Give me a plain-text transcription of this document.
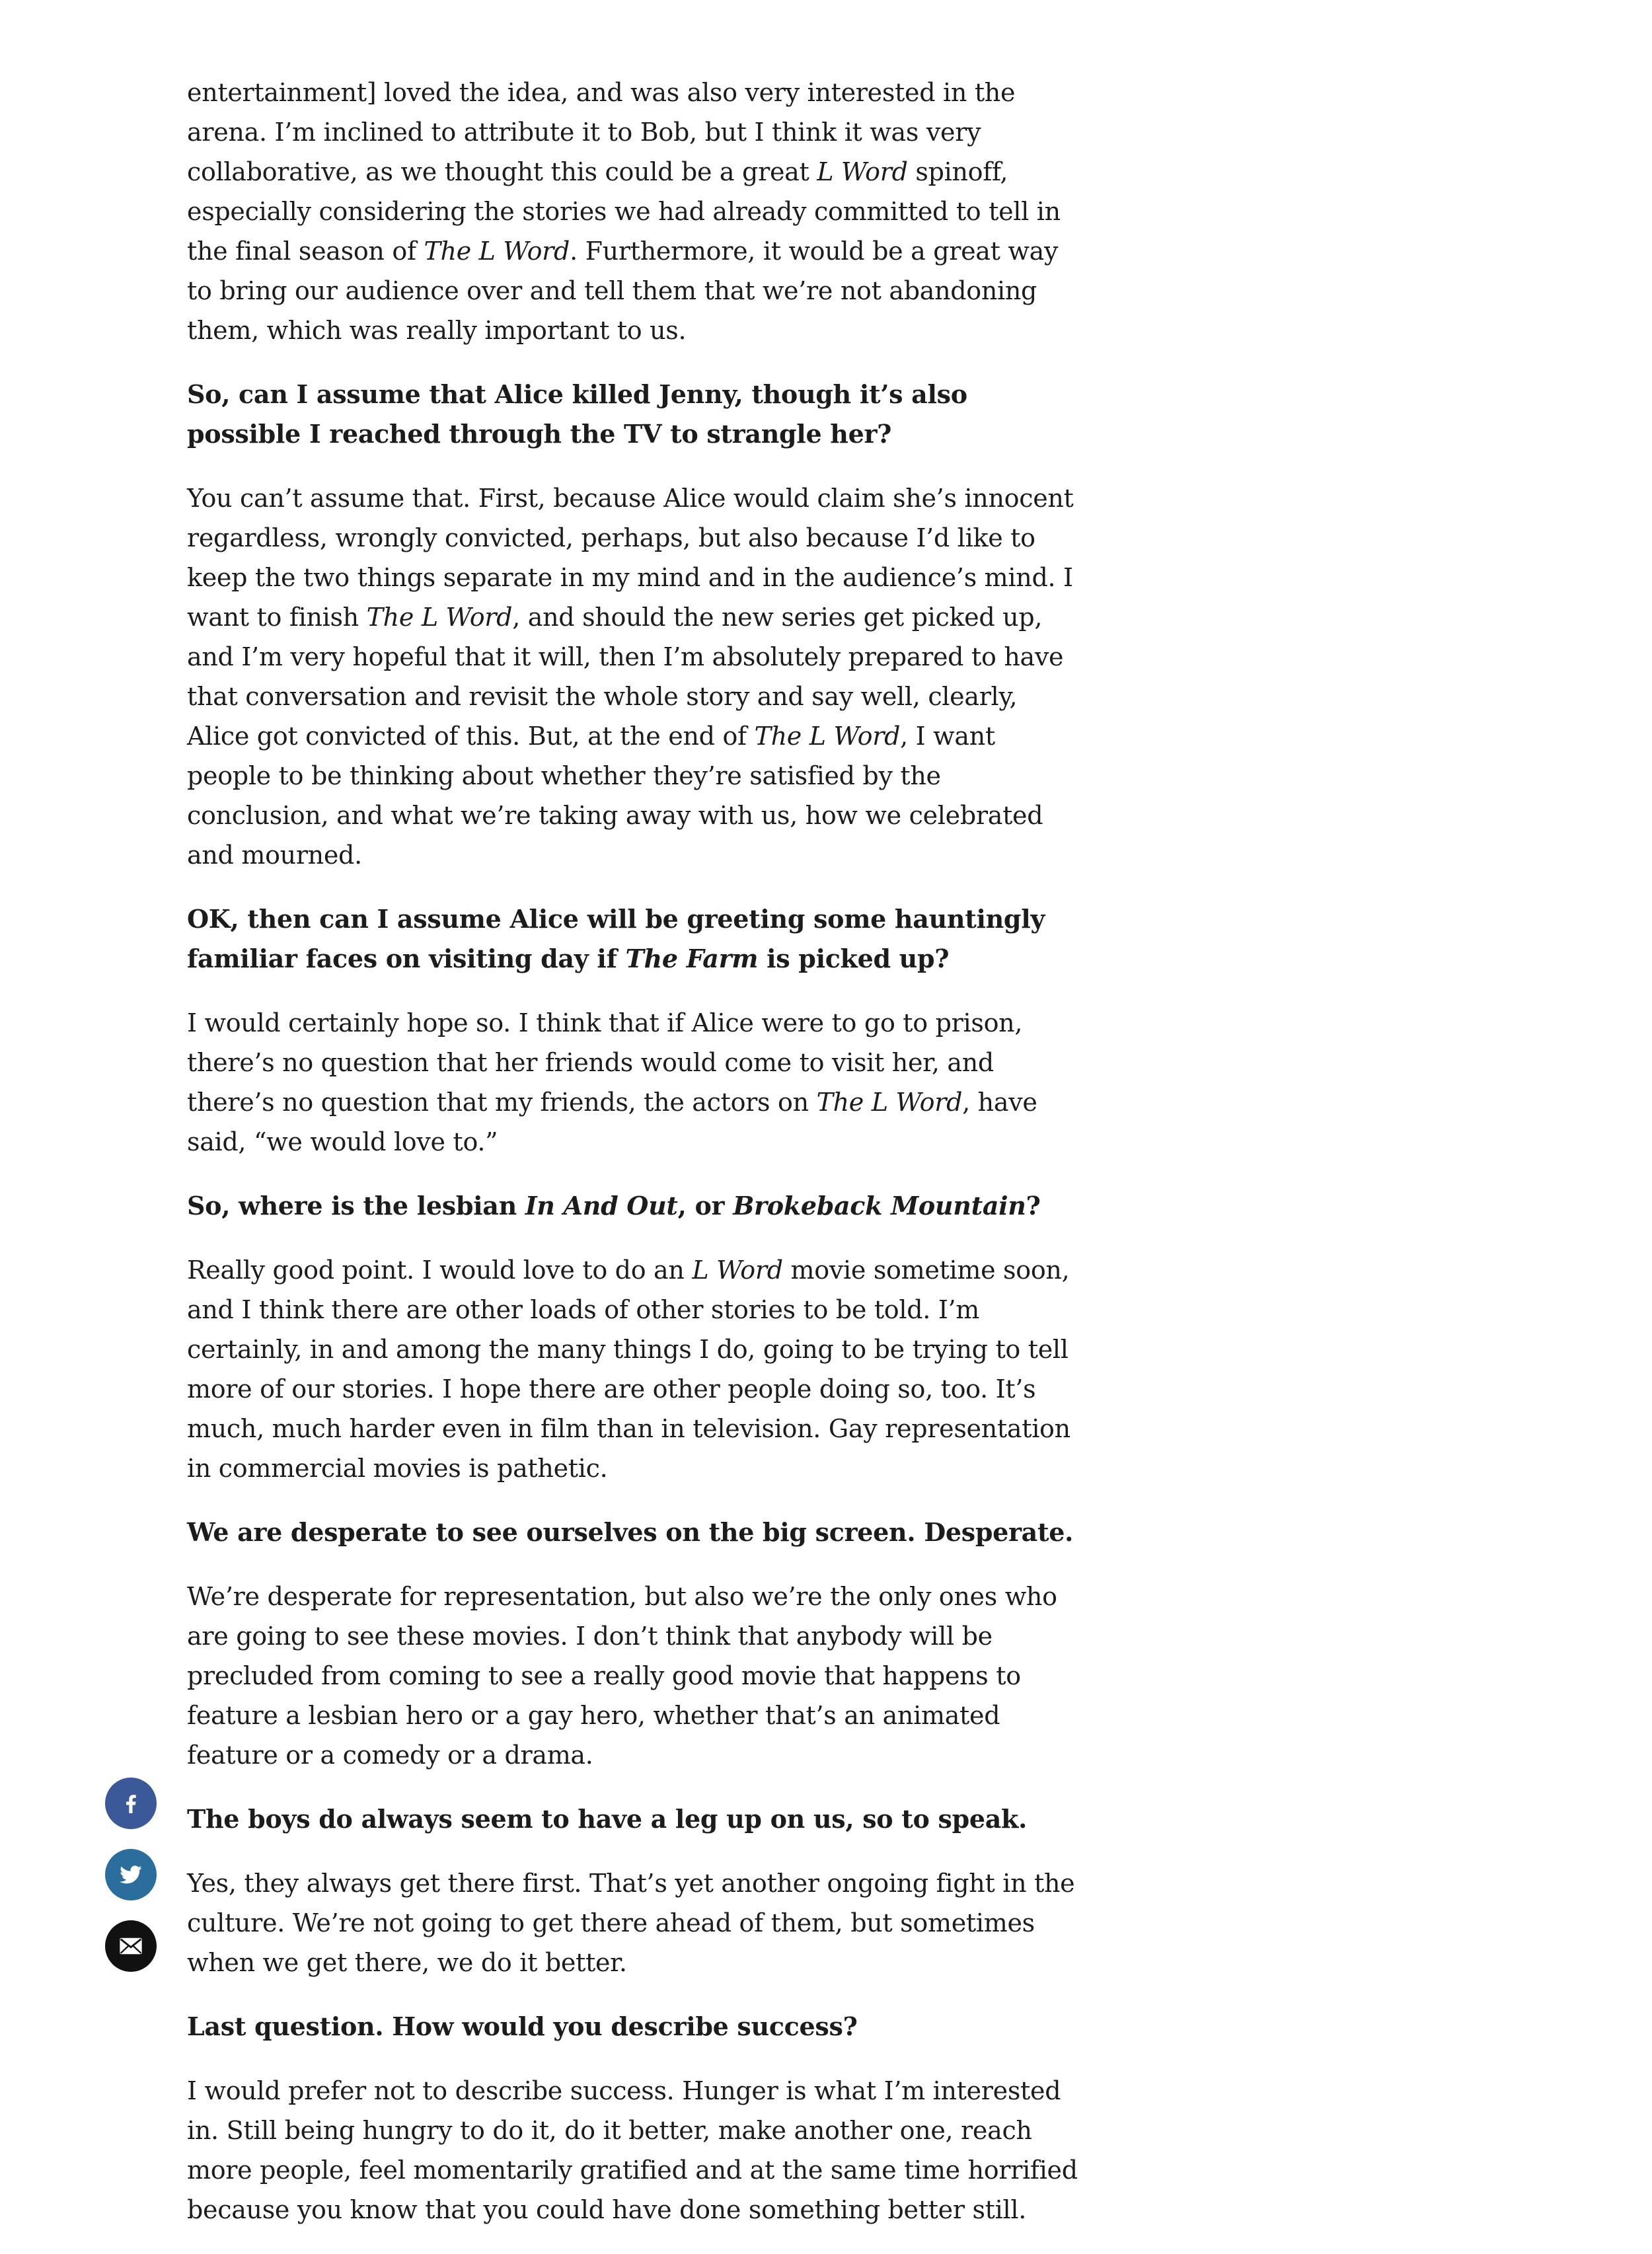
entertainment] loved the idea, and was also very interested in the arena. I’m inclined to attribute it to Bob, but I think it was very collaborative, as we thought this could be a great L Word spinoff, especially considering the stories we had already committed to tell in the final season of The L Word. Furthermore, it would be a great way to bring our audience over and tell them that we’re not abandoning them, which was really important to us.

So, can I assume that Alice killed Jenny, though it’s also possible I reached through the TV to strangle her?

You can’t assume that. First, because Alice would claim she’s innocent regardless, wrongly convicted, perhaps, but also because I’d like to keep the two things separate in my mind and in the audience’s mind. I want to finish The L Word, and should the new series get picked up, and I’m very hopeful that it will, then I’m absolutely prepared to have that conversation and revisit the whole story and say well, clearly, Alice got convicted of this. But, at the end of The L Word, I want people to be thinking about whether they’re satisfied by the conclusion, and what we’re taking away with us, how we celebrated and mourned.

OK, then can I assume Alice will be greeting some hauntingly familiar faces on visiting day if The Farm is picked up?

I would certainly hope so. I think that if Alice were to go to prison, there’s no question that her friends would come to visit her, and there’s no question that my friends, the actors on The L Word, have said, “we would love to.”

So, where is the lesbian In And Out, or Brokeback Mountain?

Really good point. I would love to do an L Word movie sometime soon, and I think there are other loads of other stories to be told. I’m certainly, in and among the many things I do, going to be trying to tell more of our stories. I hope there are other people doing so, too. It’s much, much harder even in film than in television. Gay representation in commercial movies is pathetic.

We are desperate to see ourselves on the big screen. Desperate.

We’re desperate for representation, but also we’re the only ones who are going to see these movies. I don’t think that anybody will be precluded from coming to see a really good movie that happens to feature a lesbian hero or a gay hero, whether that’s an animated feature or a comedy or a drama.

The boys do always seem to have a leg up on us, so to speak.

Yes, they always get there first. That’s yet another ongoing fight in the culture. We’re not going to get there ahead of them, but sometimes when we get there, we do it better.

Last question. How would you describe success?

I would prefer not to describe success. Hunger is what I’m interested in. Still being hungry to do it, do it better, make another one, reach more people, feel momentarily gratified and at the same time horrified because you know that you could have done something better still.
